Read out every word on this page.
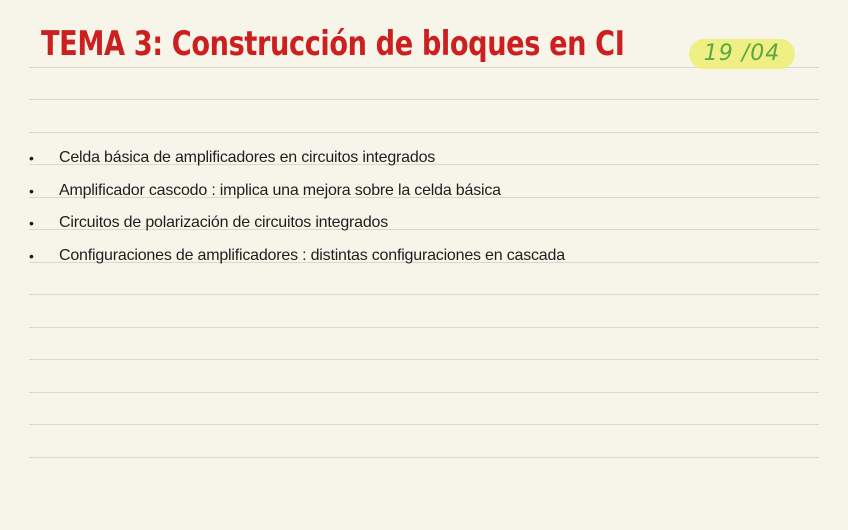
TEMA 3: Construcción de bloques en CI	19 /04
• Celda básica de amplificadores en circuitos integrados
• Amplificador cascodo : implica una mejora sobre la celda básica
• Circuitos de polarización de circuitos integrados
• Configuraciones de amplificadores : distintas configuraciones en cascada
